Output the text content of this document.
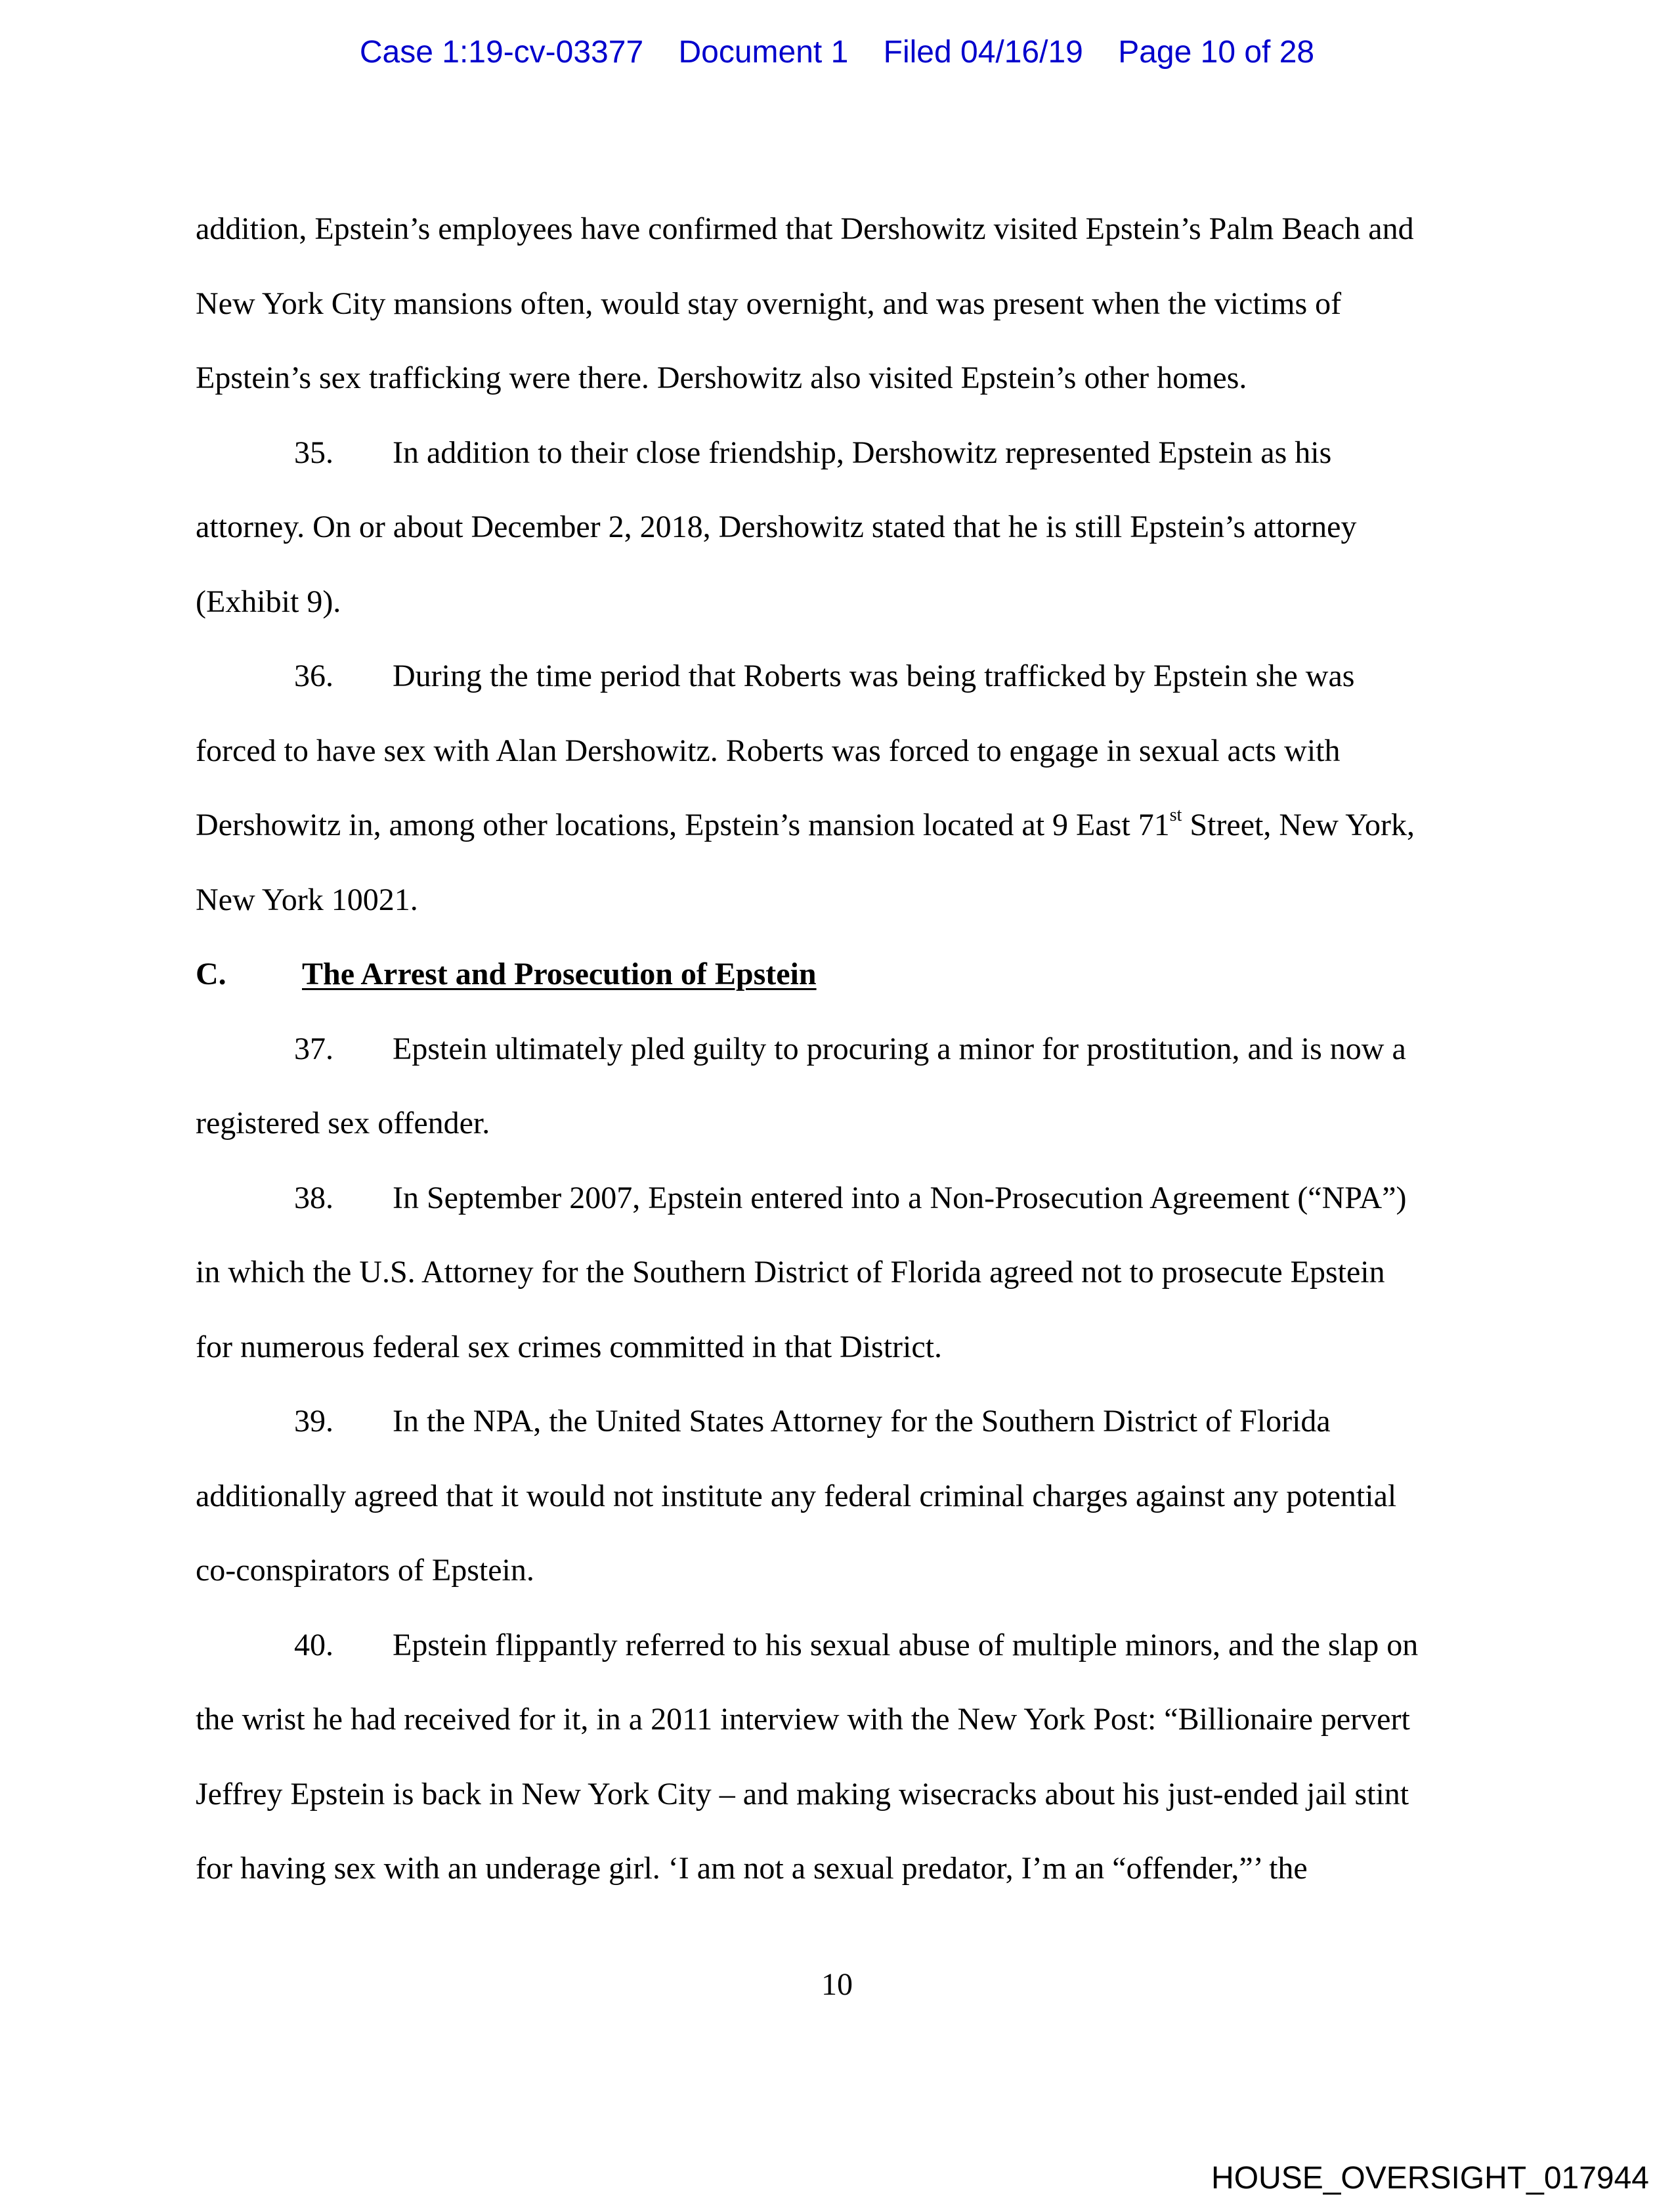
Case 1:19-cv-03377 Document 1 Filed 04/16/19 Page 10 of 28

addition, Epstein’s employees have confirmed that Dershowitz visited Epstein’s Palm Beach and

New York City mansions often, would stay overnight, and was present when the victims of

Epstein’s sex trafficking were there. Dershowitz also visited Epstein’s other homes.

35. In addition to their close friendship, Dershowitz represented Epstein as his

attorney. On or about December 2, 2018, Dershowitz stated that he is still Epstein’s attorney

(Exhibit 9).

36. During the time period that Roberts was being trafficked by Epstein she was

forced to have sex with Alan Dershowitz. Roberts was forced to engage in sexual acts with

Dershowitz in, among other locations, Epstein’s mansion located at 9 East 71st Street, New York,

New York 10021.

C.	The Arrest and Prosecution of Epstein

37. Epstein ultimately pled guilty to procuring a minor for prostitution, and is now a

registered sex offender.

38. In September 2007, Epstein entered into a Non-Prosecution Agreement (“NPA”)

in which the U.S. Attorney for the Southern District of Florida agreed not to prosecute Epstein

for numerous federal sex crimes committed in that District.

39. In the NPA, the United States Attorney for the Southern District of Florida

additionally agreed that it would not institute any federal criminal charges against any potential

co-conspirators of Epstein.

40. Epstein flippantly referred to his sexual abuse of multiple minors, and the slap on

the wrist he had received for it, in a 2011 interview with the New York Post: “Billionaire pervert

Jeffrey Epstein is back in New York City – and making wisecracks about his just-ended jail stint

for having sex with an underage girl. ‘I am not a sexual predator, I’m an “offender,”’ the

10
HOUSE_OVERSIGHT_017944
